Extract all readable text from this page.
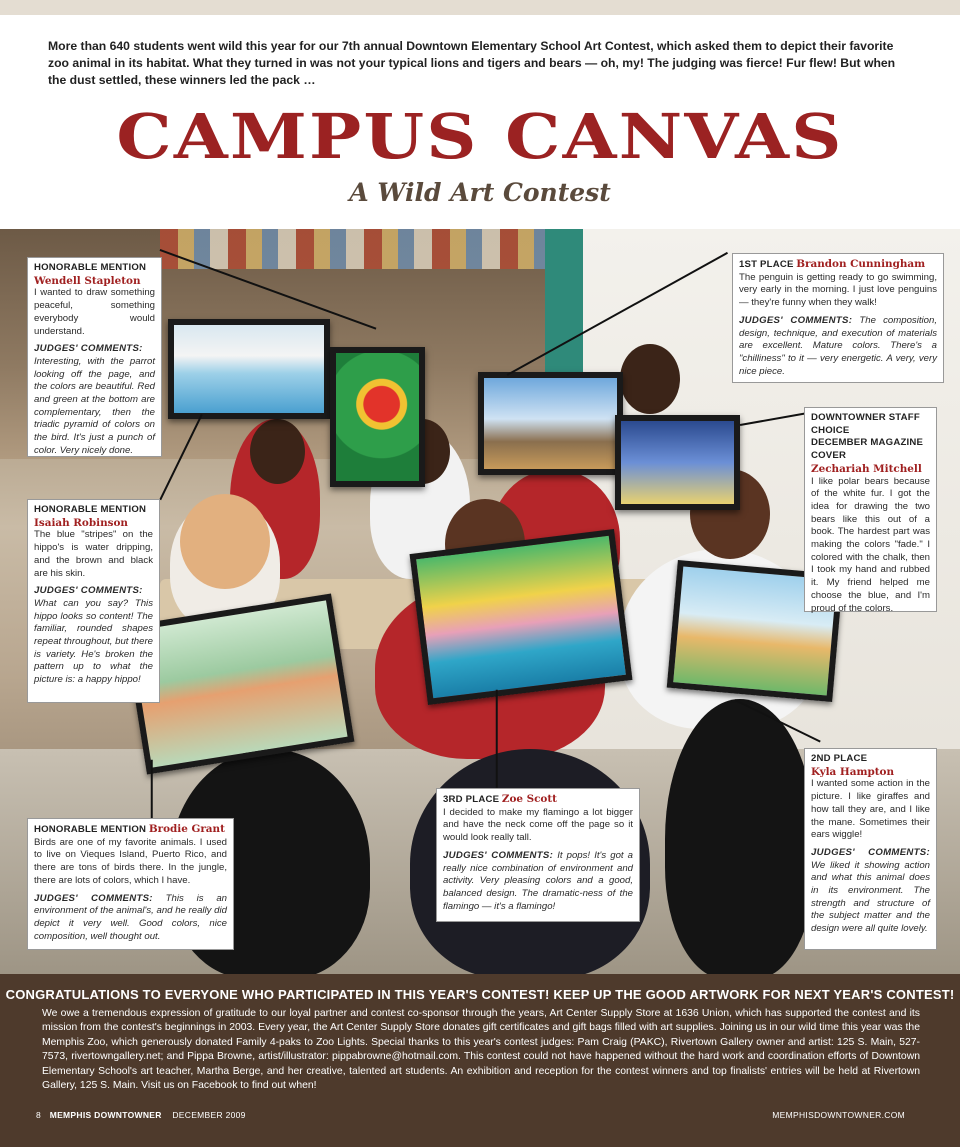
More than 640 students went wild this year for our 7th annual Downtown Elementary School Art Contest, which asked them to depict their favorite zoo animal in its habitat. What they turned in was not your typical lions and tigers and bears — oh, my! The judging was fierce! Fur flew! But when the dust settled, these winners led the pack …

CAMPUS CANVAS
A Wild Art Contest
HONORABLE MENTION
Wendell Stapleton

I wanted to draw something peaceful, something everybody would understand.

JUDGES' COMMENTS:

Interesting, with the parrot looking off the page, and the colors are beautiful. Red and green at the bottom are complementary, then the triadic pyramid of colors on the bird. It's just a punch of color. Very nicely done.

HONORABLE MENTION
Isaiah Robinson

The blue "stripes" on the hippo's is water dripping, and the brown and black are his skin.

JUDGES' COMMENTS:

What can you say? This hippo looks so content! The familiar, rounded shapes repeat throughout, but there is variety. He's broken the pattern up to what the picture is: a happy hippo!

HONORABLE MENTION Brodie Grant

Birds are one of my favorite animals. I used to live on Vieques Island, Puerto Rico, and there are tons of birds there. In the jungle, there are lots of colors, which I have.

JUDGES' COMMENTS: This is an environment of the animal's, and he really did depict it very well. Good colors, nice composition, well thought out.

1ST PLACE Brandon Cunningham

The penguin is getting ready to go swimming, very early in the morning. I just love penguins — they're funny when they walk!

JUDGES' COMMENTS: The composition, design, technique, and execution of materials are excellent. Mature colors. There's a "chilliness" to it — very energetic. A very, very nice piece.

DOWNTOWNER STAFF CHOICE
DECEMBER MAGAZINE COVER
Zechariah Mitchell

I like polar bears because of the white fur. I got the idea for drawing the two bears like this out of a book. The hardest part was making the colors "fade." I colored with the chalk, then I took my hand and rubbed it. My friend helped me choose the blue, and I'm proud of the colors.

2ND PLACE
Kyla Hampton

I wanted some action in the picture. I like giraffes and how tall they are, and I like the mane. Sometimes their ears wiggle!

JUDGES' COMMENTS: We liked it showing action and what this animal does in its environment. The strength and structure of the subject matter and the design were all quite lovely.

3RD PLACE Zoe Scott

I decided to make my flamingo a lot bigger and have the neck come off the page so it would look really tall.

JUDGES' COMMENTS: It pops! It's got a really nice combination of environment and activity. Very pleasing colors and a good, balanced design. The dramatic-ness of the flamingo — it's a flamingo!

CONGRATULATIONS TO EVERYONE WHO PARTICIPATED IN THIS YEAR'S CONTEST! KEEP UP THE GOOD ARTWORK FOR NEXT YEAR'S CONTEST!

We owe a tremendous expression of gratitude to our loyal partner and contest co-sponsor through the years, Art Center Supply Store at 1636 Union, which has supported the contest and its mission from the contest's beginnings in 2003. Every year, the Art Center Supply Store donates gift certificates and gift bags filled with art supplies. Joining us in our wild time this year was the Memphis Zoo, which generously donated Family 4-paks to Zoo Lights. Special thanks to this year's contest judges: Pam Craig (PAKC), Rivertown Gallery owner and artist: 125 S. Main, 527-7573, rivertowngallery.net; and Pippa Browne, artist/illustrator: pippabrowne@hotmail.com. This contest could not have happened without the hard work and coordination efforts of Downtown Elementary School's art teacher, Martha Berge, and her creative, talented art students. An exhibition and reception for the contest winners and top finalists' entries will be held at Rivertown Gallery, 125 S. Main. Visit us on Facebook to find out when!

8 MEMPHIS DOWNTOWNER DECEMBER 2009	MEMPHISDOWNTOWNER.COM
